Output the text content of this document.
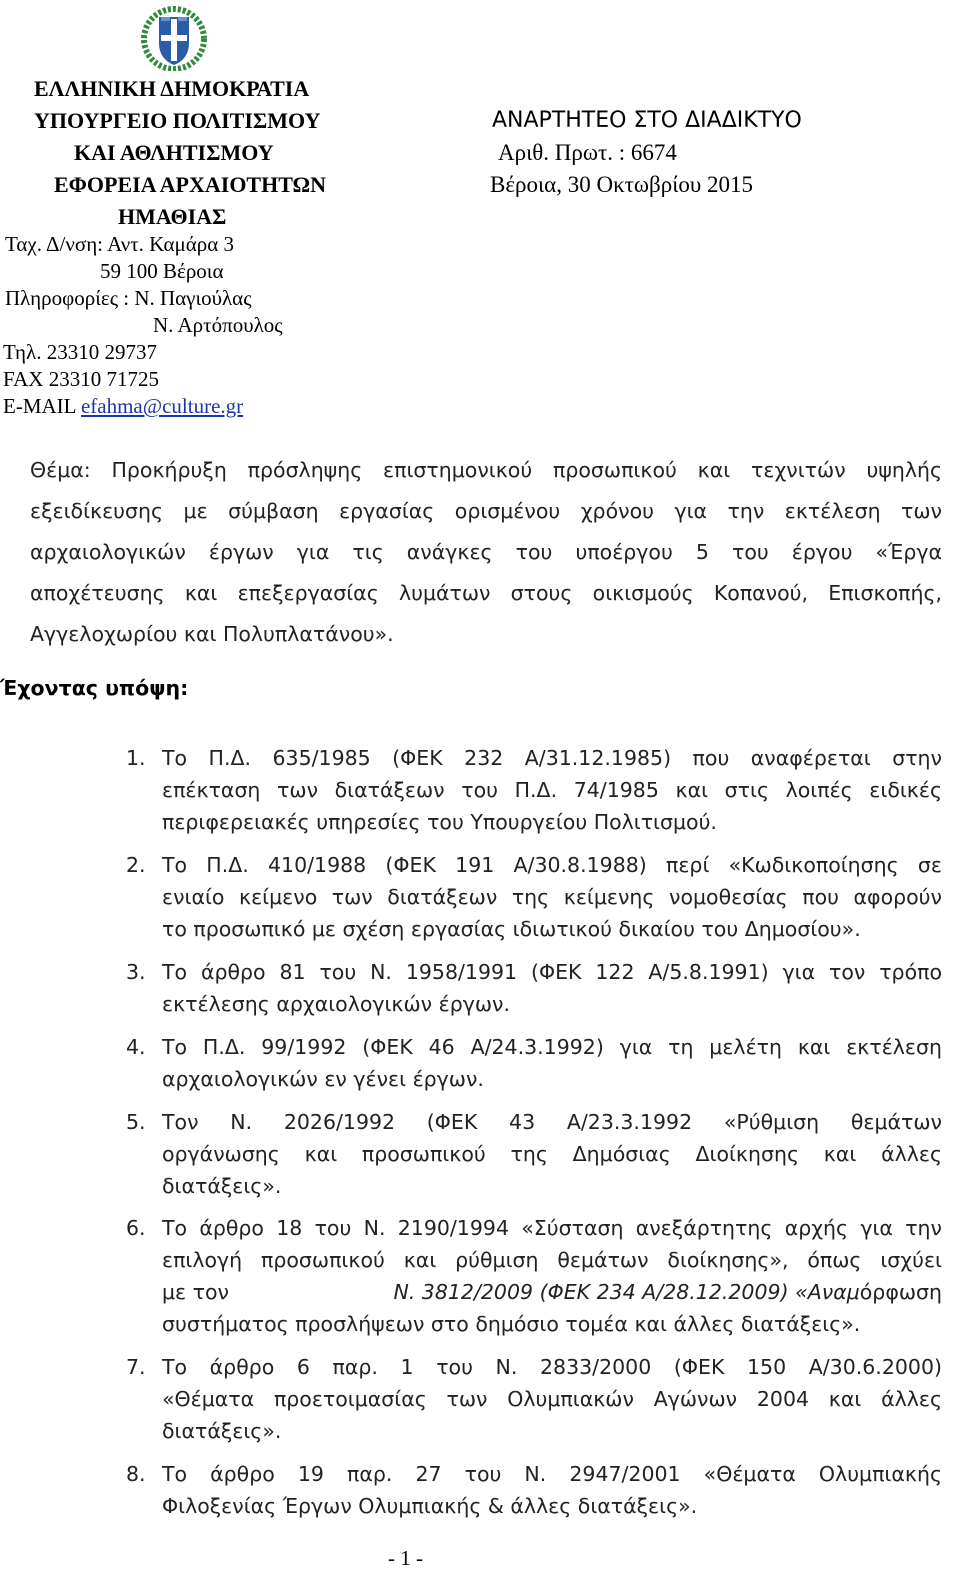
ΕΛΛΗΝΙΚΗ ΔΗΜΟΚΡΑΤΙΑ
ΥΠΟΥΡΓΕΙΟ ΠΟΛΙΤΙΣΜΟΥ
ΚΑΙ ΑΘΛΗΤΙΣΜΟΥ
ΕΦΟΡΕΙΑ ΑΡΧΑΙΟΤΗΤΩΝ
ΗΜΑΘΙΑΣ
Ταχ. Δ/νση: Αντ. Καμάρα 3
59 100 Βέροια
Πληροφορίες : Ν. Παγιούλας
Ν. Αρτόπουλος
Τηλ. 23310 29737
FAX 23310 71725
E-MAIL efahma@culture.gr
ΑΝΑΡΤΗΤΕΟ ΣΤΟ ΔΙΑΔΙΚΤΥΟ
Αριθ. Πρωτ. : 6674
Βέροια, 30 Οκτωβρίου 2015
Θέμα: Προκήρυξη πρόσληψης επιστημονικού προσωπικού και τεχνιτών υψηλής
εξειδίκευσης με σύμβαση εργασίας ορισμένου χρόνου για την εκτέλεση των
αρχαιολογικών έργων για τις ανάγκες του υποέργου 5 του έργου «Έργα
αποχέτευσης και επεξεργασίας λυμάτων στους οικισμούς Κοπανού, Επισκοπής,
Αγγελοχωρίου και Πολυπλατάνου».
Έχοντας υπόψη:
1. Το Π.Δ. 635/1985 (ΦΕΚ 232 Α/31.12.1985) που αναφέρεται στην
επέκταση των διατάξεων του Π.Δ. 74/1985 και στις λοιπές ειδικές
περιφερειακές υπηρεσίες του Υπουργείου Πολιτισμού.
2. Το Π.Δ. 410/1988 (ΦΕΚ 191 Α/30.8.1988) περί «Κωδικοποίησης σε
ενιαίο κείμενο των διατάξεων της κείμενης νομοθεσίας που αφορούν
το προσωπικό με σχέση εργασίας ιδιωτικού δικαίου του Δημοσίου».
3. Το άρθρο 81 του Ν. 1958/1991 (ΦΕΚ 122 Α/5.8.1991) για τον τρόπο
εκτέλεσης αρχαιολογικών έργων.
4. Το Π.Δ. 99/1992 (ΦΕΚ 46 Α/24.3.1992) για τη μελέτη και εκτέλεση
αρχαιολογικών εν γένει έργων.
5. Τον Ν. 2026/1992 (ΦΕΚ 43 Α/23.3.1992 «Ρύθμιση θεμάτων
οργάνωσης και προσωπικού της Δημόσιας Διοίκησης και άλλες
διατάξεις».
6. Το άρθρο 18 του Ν. 2190/1994 «Σύσταση ανεξάρτητης αρχής για την
επιλογή προσωπικού και ρύθμιση θεμάτων διοίκησης», όπως ισχύει
με τον	Ν. 3812/2009 (ΦΕΚ 234 Α/28.12.2009) «Αναμόρφωση
συστήματος προσλήψεων στο δημόσιο τομέα και άλλες διατάξεις».
7. Το άρθρο 6 παρ. 1 του Ν. 2833/2000 (ΦΕΚ 150 Α/30.6.2000)
«Θέματα προετοιμασίας των Ολυμπιακών Αγώνων 2004 και άλλες
διατάξεις».
8. Το άρθρο 19 παρ. 27 του Ν. 2947/2001 «Θέματα Ολυμπιακής
Φιλοξενίας Έργων Ολυμπιακής & άλλες διατάξεις».
- 1 -
